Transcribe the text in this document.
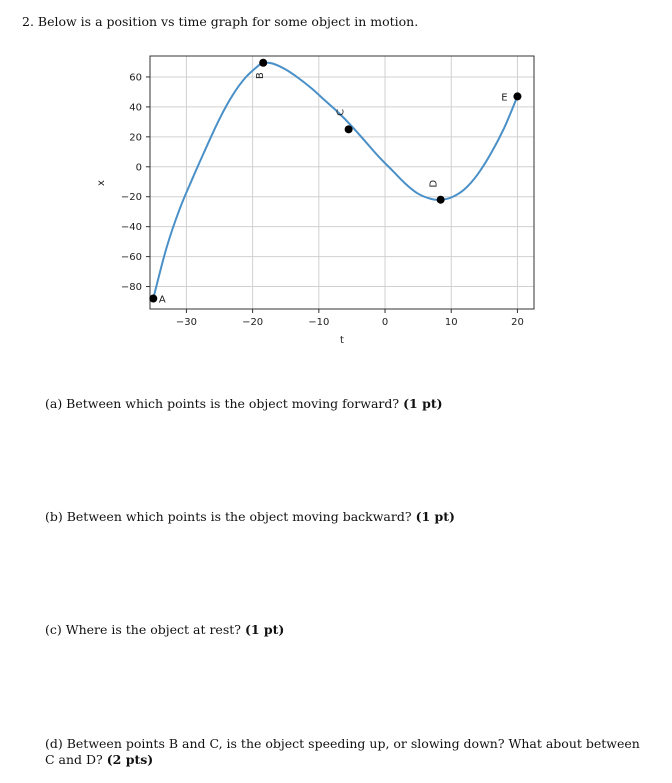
2. Below is a position vs time graph for some object in motion.

−30	−20	−10	0	10	20
60
40
20
0
−20
−40
−60
−80
t
x
A
B
C
D
E
(a) Between which points is the object moving forward? (1 pt)
(b) Between which points is the object moving backward? (1 pt)
(c) Where is the object at rest? (1 pt)
(d) Between points B and C, is the object speeding up, or slowing down? What about between C and D? (2 pts)
